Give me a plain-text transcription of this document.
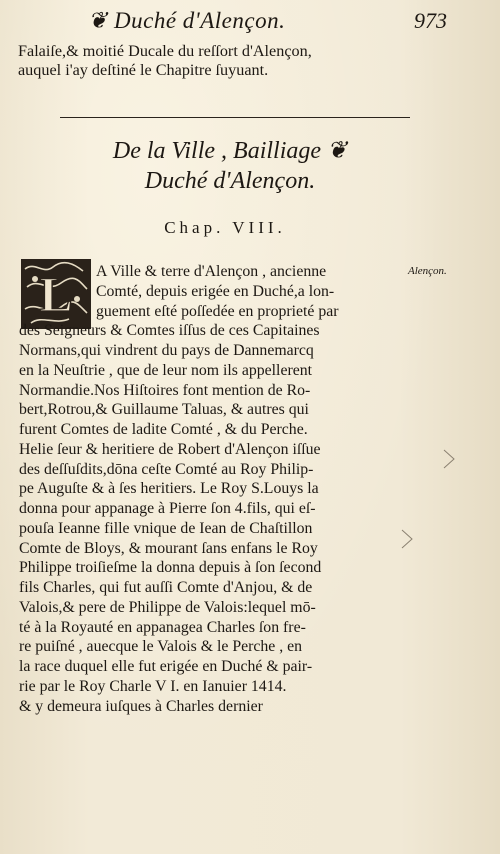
❦ Duché d'Alençon.	973
Falaiſe,& moitié Ducale du reſſort d'Alençon,
auquel i'ay deſtiné le Chapitre ſuyuant.
De la Ville , Bailliage ❦
Duché d'Alençon.
Chap. VIII.
L	A Ville & terre d'Alençon , ancienne
Comté, depuis erigée en Duché,a lon-
guement eſté poſſedée en proprieté par
des Seigneurs & Comtes iſſus de ces Capitaines
Normans,qui vindrent du pays de Dannemarcq
en la Neuſtrie , que de leur nom ils appellerent
Normandie.Nos Hiſtoires font mention de Ro-
bert,Rotrou,& Guillaume Taluas, & autres qui
furent Comtes de ladite Comté , & du Perche.
Helie ſeur & heritiere de Robert d'Alençon iſſue
des deſſuſdits,dōna ceſte Comté au Roy Philip-
pe Auguſte & à ſes heritiers. Le Roy S.Louys la
donna pour appanage à Pierre ſon 4.fils, qui eſ-
pouſa Ieanne fille vnique de Iean de Chaſtillon
Comte de Bloys, & mourant ſans enfans le Roy
Philippe troiſieſme la donna depuis à ſon ſecond
fils Charles, qui fut auſſi Comte d'Anjou, & de
Valois,& pere de Philippe de Valois:lequel mō-
té à la Royauté en appanagea Charles ſon fre-
re puiſné , auecque le Valois & le Perche , en
la race duquel elle fut erigée en Duché & pair-
rie par le Roy Charle V I. en Ianuier 1414.
& y demeura iuſques à Charles dernier
Alençon.
